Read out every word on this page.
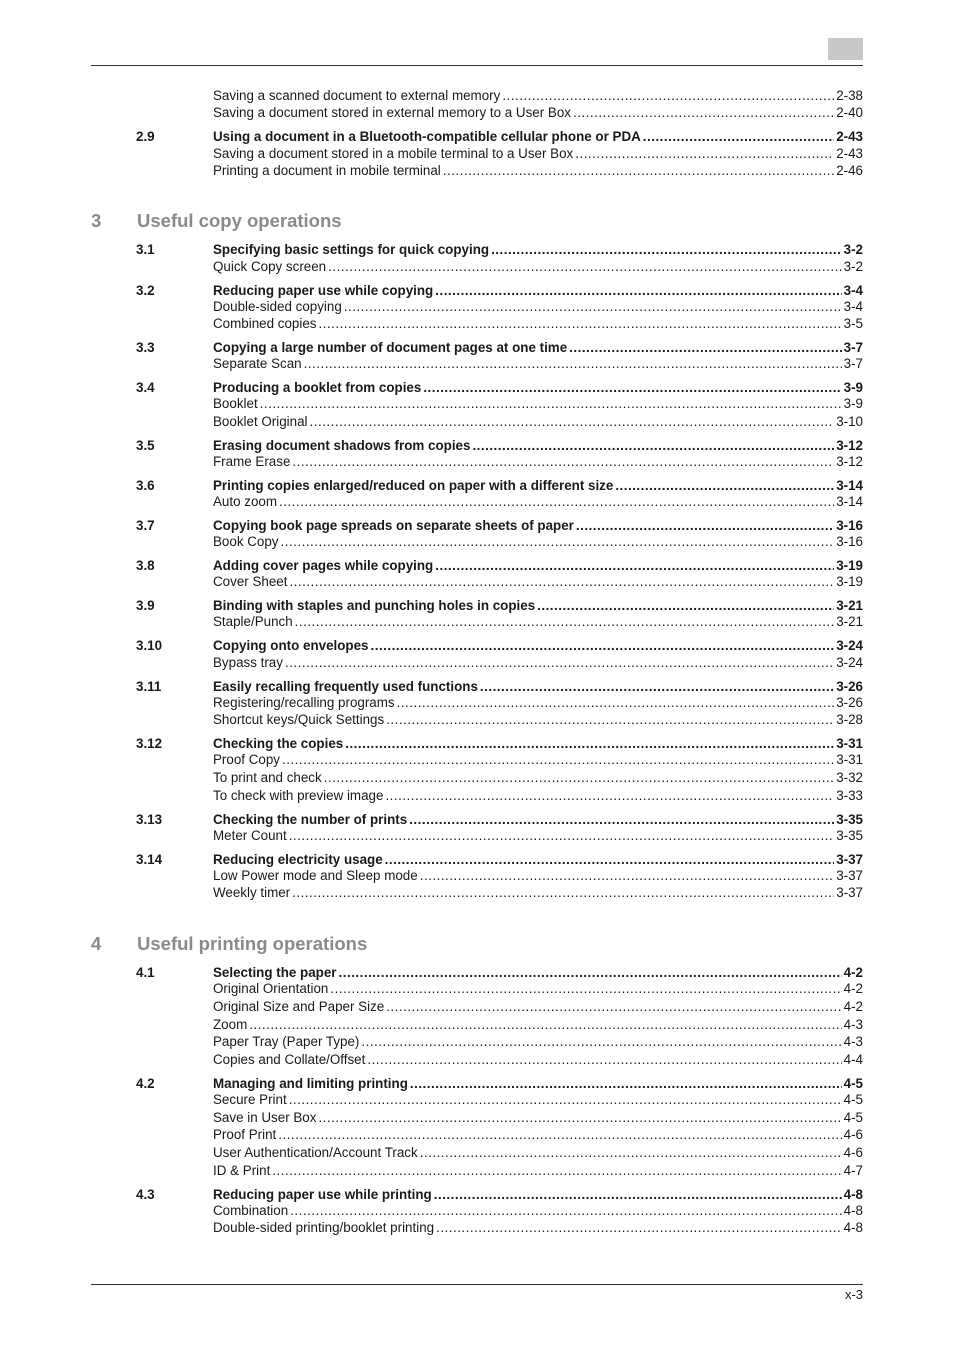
Saving a scanned document to external memory .....	2-38
Saving a document stored in external memory to a User Box .....	2-40
2.9	Using a document in a Bluetooth-compatible cellular phone or PDA .....	2-43
Saving a document stored in a mobile terminal to a User Box .....	2-43
Printing a document in mobile terminal .....	2-46
3	Useful copy operations
3.1	Specifying basic settings for quick copying .....	3-2
Quick Copy screen .....	3-2
3.2	Reducing paper use while copying .....	3-4
Double-sided copying .....	3-4
Combined copies .....	3-5
3.3	Copying a large number of document pages at one time .....	3-7
Separate Scan .....	3-7
3.4	Producing a booklet from copies .....	3-9
Booklet .....	3-9
Booklet Original .....	3-10
3.5	Erasing document shadows from copies .....	3-12
Frame Erase .....	3-12
3.6	Printing copies enlarged/reduced on paper with a different size .....	3-14
Auto zoom .....	3-14
3.7	Copying book page spreads on separate sheets of paper .....	3-16
Book Copy .....	3-16
3.8	Adding cover pages while copying .....	3-19
Cover Sheet .....	3-19
3.9	Binding with staples and punching holes in copies .....	3-21
Staple/Punch .....	3-21
3.10	Copying onto envelopes .....	3-24
Bypass tray .....	3-24
3.11	Easily recalling frequently used functions .....	3-26
Registering/recalling programs .....	3-26
Shortcut keys/Quick Settings .....	3-28
3.12	Checking the copies .....	3-31
Proof Copy .....	3-31
To print and check .....	3-32
To check with preview image .....	3-33
3.13	Checking the number of prints .....	3-35
Meter Count .....	3-35
3.14	Reducing electricity usage .....	3-37
Low Power mode and Sleep mode .....	3-37
Weekly timer .....	3-37
4	Useful printing operations
4.1	Selecting the paper .....	4-2
Original Orientation .....	4-2
Original Size and Paper Size .....	4-2
Zoom .....	4-3
Paper Tray (Paper Type) .....	4-3
Copies and Collate/Offset .....	4-4
4.2	Managing and limiting printing .....	4-5
Secure Print .....	4-5
Save in User Box .....	4-5
Proof Print .....	4-6
User Authentication/Account Track .....	4-6
ID & Print .....	4-7
4.3	Reducing paper use while printing .....	4-8
Combination .....	4-8
Double-sided printing/booklet printing .....	4-8
x-3
